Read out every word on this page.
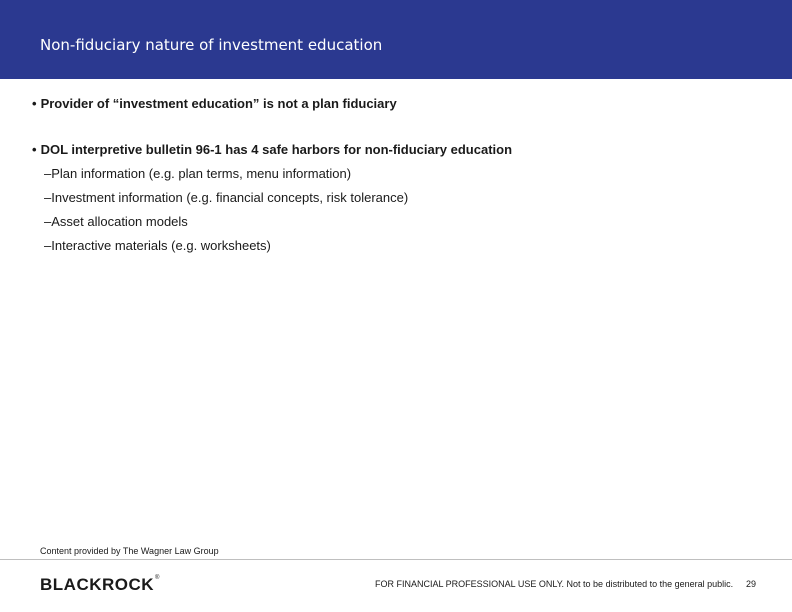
Non-fiduciary nature of investment education
• Provider of “investment education” is not a plan fiduciary
• DOL interpretive bulletin 96-1 has 4 safe harbors for non-fiduciary education
–Plan information (e.g. plan terms, menu information)
–Investment information (e.g. financial concepts, risk tolerance)
–Asset allocation models
–Interactive materials (e.g. worksheets)
Content provided by The Wagner Law Group
BLACKROCK®
FOR FINANCIAL PROFESSIONAL USE ONLY. Not to be distributed to the general public. 29
